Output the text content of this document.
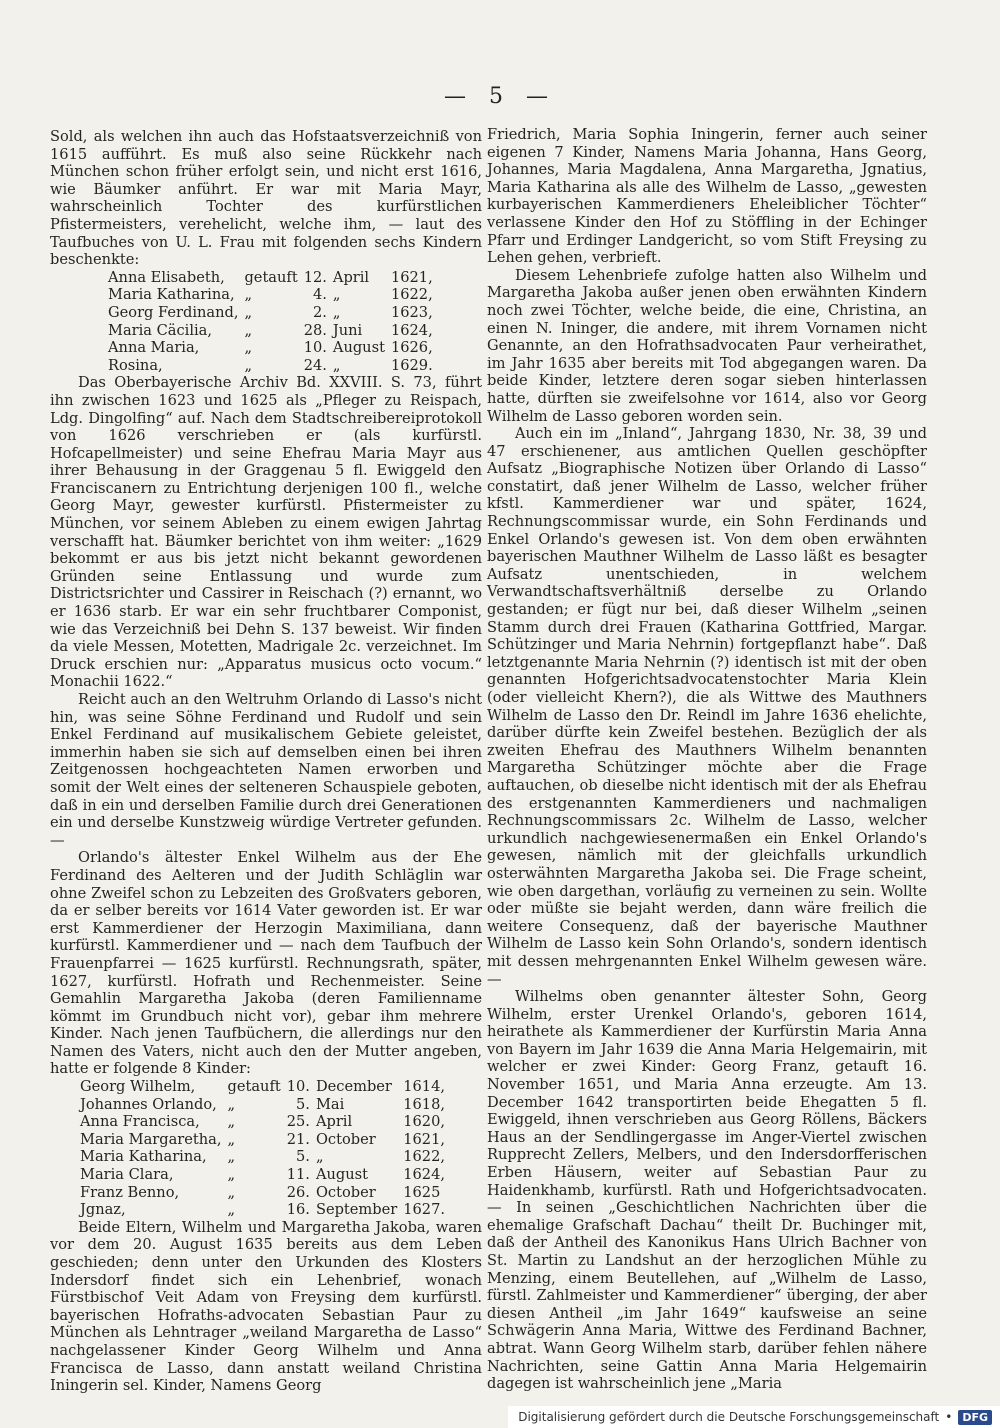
— 5 —

Sold, als welchen ihn auch das Hofstaatsverzeichniß von 1615 aufführt. Es muß also seine Rückkehr nach München schon früher erfolgt sein, und nicht erst 1616, wie Bäumker anführt. Er war mit Maria Mayr, wahrscheinlich Tochter des kurfürstlichen Pfistermeisters, verehelicht, welche ihm, — laut des Taufbuches von U. L. Frau mit folgenden sechs Kindern beschenkte:

Anna Elisabeth,	getauft	12.	April	1621,
Maria Katharina,	„	4.	„	1622,
Georg Ferdinand,	„	2.	„	1623,
Maria Cäcilia,	„	28.	Juni	1624,
Anna Maria,	„	10.	August	1626,
Rosina,	„	24.	„	1629.

Das Oberbayerische Archiv Bd. XXVIII. S. 73, führt ihn zwischen 1623 und 1625 als „Pfleger zu Reispach, Ldg. Dingolfing“ auf. Nach dem Stadtschreibereiprotokoll von 1626 verschrieben er (als kurfürstl. Hofcapellmeister) und seine Ehefrau Maria Mayr aus ihrer Behausung in der Graggenau 5 fl. Ewiggeld den Franciscanern zu Entrichtung derjenigen 100 fl., welche Georg Mayr, gewester kurfürstl. Pfistermeister zu München, vor seinem Ableben zu einem ewigen Jahrtag verschafft hat. Bäumker berichtet von ihm weiter: „1629 bekommt er aus bis jetzt nicht bekannt gewordenen Gründen seine Entlassung und wurde zum Districtsrichter und Cassirer in Reischach (?) ernannt, wo er 1636 starb. Er war ein sehr fruchtbarer Componist, wie das Verzeichniß bei Dehn S. 137 beweist. Wir finden da viele Messen, Motetten, Madrigale 2c. verzeichnet. Im Druck erschien nur: „Apparatus musicus octo vocum.“ Monachii 1622.“

Reicht auch an den Weltruhm Orlando di Lasso's nicht hin, was seine Söhne Ferdinand und Rudolf und sein Enkel Ferdinand auf musikalischem Gebiete geleistet, immerhin haben sie sich auf demselben einen bei ihren Zeitgenossen hochgeachteten Namen erworben und somit der Welt eines der selteneren Schauspiele geboten, daß in ein und derselben Familie durch drei Generationen ein und derselbe Kunstzweig würdige Vertreter gefunden. —

Orlando's ältester Enkel Wilhelm aus der Ehe Ferdinand des Aelteren und der Judith Schläglin war ohne Zweifel schon zu Lebzeiten des Großvaters geboren, da er selber bereits vor 1614 Vater geworden ist. Er war erst Kammerdiener der Herzogin Maximiliana, dann kurfürstl. Kammerdiener und — nach dem Taufbuch der Frauenpfarrei — 1625 kurfürstl. Rechnungsrath, später, 1627, kurfürstl. Hofrath und Rechenmeister. Seine Gemahlin Margaretha Jakoba (deren Familienname kömmt im Grundbuch nicht vor), gebar ihm mehrere Kinder. Nach jenen Taufbüchern, die allerdings nur den Namen des Vaters, nicht auch den der Mutter angeben, hatte er folgende 8 Kinder:

Georg Wilhelm,	getauft	10.	December	1614,
Johannes Orlando,	„	5.	Mai	1618,
Anna Francisca,	„	25.	April	1620,
Maria Margaretha,	„	21.	October	1621,
Maria Katharina,	„	5.	„	1622,
Maria Clara,	„	11.	August	1624,
Franz Benno,	„	26.	October	1625
Jgnaz,	„	16.	September	1627.

Beide Eltern, Wilhelm und Margaretha Jakoba, waren vor dem 20. August 1635 bereits aus dem Leben geschieden; denn unter den Urkunden des Klosters Indersdorf findet sich ein Lehenbrief, wonach Fürstbischof Veit Adam von Freysing dem kurfürstl. bayerischen Hofraths-advocaten Sebastian Paur zu München als Lehntrager „weiland Margaretha de Lasso“ nachgelassener Kinder Georg Wilhelm und Anna Francisca de Lasso, dann anstatt weiland Christina Iningerin sel. Kinder, Namens Georg

Friedrich, Maria Sophia Iningerin, ferner auch seiner eigenen 7 Kinder, Namens Maria Johanna, Hans Georg, Johannes, Maria Magdalena, Anna Margaretha, Jgnatius, Maria Katharina als alle des Wilhelm de Lasso, „gewesten kurbayerischen Kammerdieners Eheleiblicher Töchter“ verlassene Kinder den Hof zu Stöffling in der Echinger Pfarr und Erdinger Landgericht, so vom Stift Freysing zu Lehen gehen, verbrieft.

Diesem Lehenbriefe zufolge hatten also Wilhelm und Margaretha Jakoba außer jenen oben erwähnten Kindern noch zwei Töchter, welche beide, die eine, Christina, an einen N. Ininger, die andere, mit ihrem Vornamen nicht Genannte, an den Hofrathsadvocaten Paur verheirathet, im Jahr 1635 aber bereits mit Tod abgegangen waren. Da beide Kinder, letztere deren sogar sieben hinterlassen hatte, dürften sie zweifelsohne vor 1614, also vor Georg Wilhelm de Lasso geboren worden sein.

Auch ein im „Inland“, Jahrgang 1830, Nr. 38, 39 und 47 erschienener, aus amtlichen Quellen geschöpfter Aufsatz „Biographische Notizen über Orlando di Lasso“ constatirt, daß jener Wilhelm de Lasso, welcher früher kfstl. Kammerdiener war und später, 1624, Rechnungscommissar wurde, ein Sohn Ferdinands und Enkel Orlando's gewesen ist. Von dem oben erwähnten bayerischen Mauthner Wilhelm de Lasso läßt es besagter Aufsatz unentschieden, in welchem Verwandtschaftsverhältniß derselbe zu Orlando gestanden; er fügt nur bei, daß dieser Wilhelm „seinen Stamm durch drei Frauen (Katharina Gottfried, Margar. Schützinger und Maria Nehrnin) fortgepflanzt habe“. Daß letztgenannte Maria Nehrnin (?) identisch ist mit der oben genannten Hofgerichtsadvocatenstochter Maria Klein (oder vielleicht Khern?), die als Wittwe des Mauthners Wilhelm de Lasso den Dr. Reindl im Jahre 1636 ehelichte, darüber dürfte kein Zweifel bestehen. Bezüglich der als zweiten Ehefrau des Mauthners Wilhelm benannten Margaretha Schützinger möchte aber die Frage auftauchen, ob dieselbe nicht identisch mit der als Ehefrau des erstgenannten Kammerdieners und nachmaligen Rechnungscommissars 2c. Wilhelm de Lasso, welcher urkundlich nachgewiesenermaßen ein Enkel Orlando's gewesen, nämlich mit der gleichfalls urkundlich osterwähnten Margaretha Jakoba sei. Die Frage scheint, wie oben dargethan, vorläufig zu verneinen zu sein. Wollte oder müßte sie bejaht werden, dann wäre freilich die weitere Consequenz, daß der bayerische Mauthner Wilhelm de Lasso kein Sohn Orlando's, sondern identisch mit dessen mehrgenannten Enkel Wilhelm gewesen wäre. —

Wilhelms oben genannter ältester Sohn, Georg Wilhelm, erster Urenkel Orlando's, geboren 1614, heirathete als Kammerdiener der Kurfürstin Maria Anna von Bayern im Jahr 1639 die Anna Maria Helgemairin, mit welcher er zwei Kinder: Georg Franz, getauft 16. November 1651, und Maria Anna erzeugte. Am 13. December 1642 transportirten beide Ehegatten 5 fl. Ewiggeld, ihnen verschrieben aus Georg Röllens, Bäckers Haus an der Sendlingergasse im Anger-Viertel zwischen Rupprecht Zellers, Melbers, und den Indersdorfferischen Erben Häusern, weiter auf Sebastian Paur zu Haidenkhamb, kurfürstl. Rath und Hofgerichtsadvocaten. — In seinen „Geschichtlichen Nachrichten über die ehemalige Grafschaft Dachau“ theilt Dr. Buchinger mit, daß der Antheil des Kanonikus Hans Ulrich Bachner von St. Martin zu Landshut an der herzoglichen Mühle zu Menzing, einem Beutellehen, auf „Wilhelm de Lasso, fürstl. Zahlmeister und Kammerdiener“ überging, der aber diesen Antheil „im Jahr 1649“ kaufsweise an seine Schwägerin Anna Maria, Wittwe des Ferdinand Bachner, abtrat. Wann Georg Wilhelm starb, darüber fehlen nähere Nachrichten, seine Gattin Anna Maria Helgemairin dagegen ist wahrscheinlich jene „Maria

Digitalisierung gefördert durch die Deutsche Forschungsgemeinschaft • DFG
